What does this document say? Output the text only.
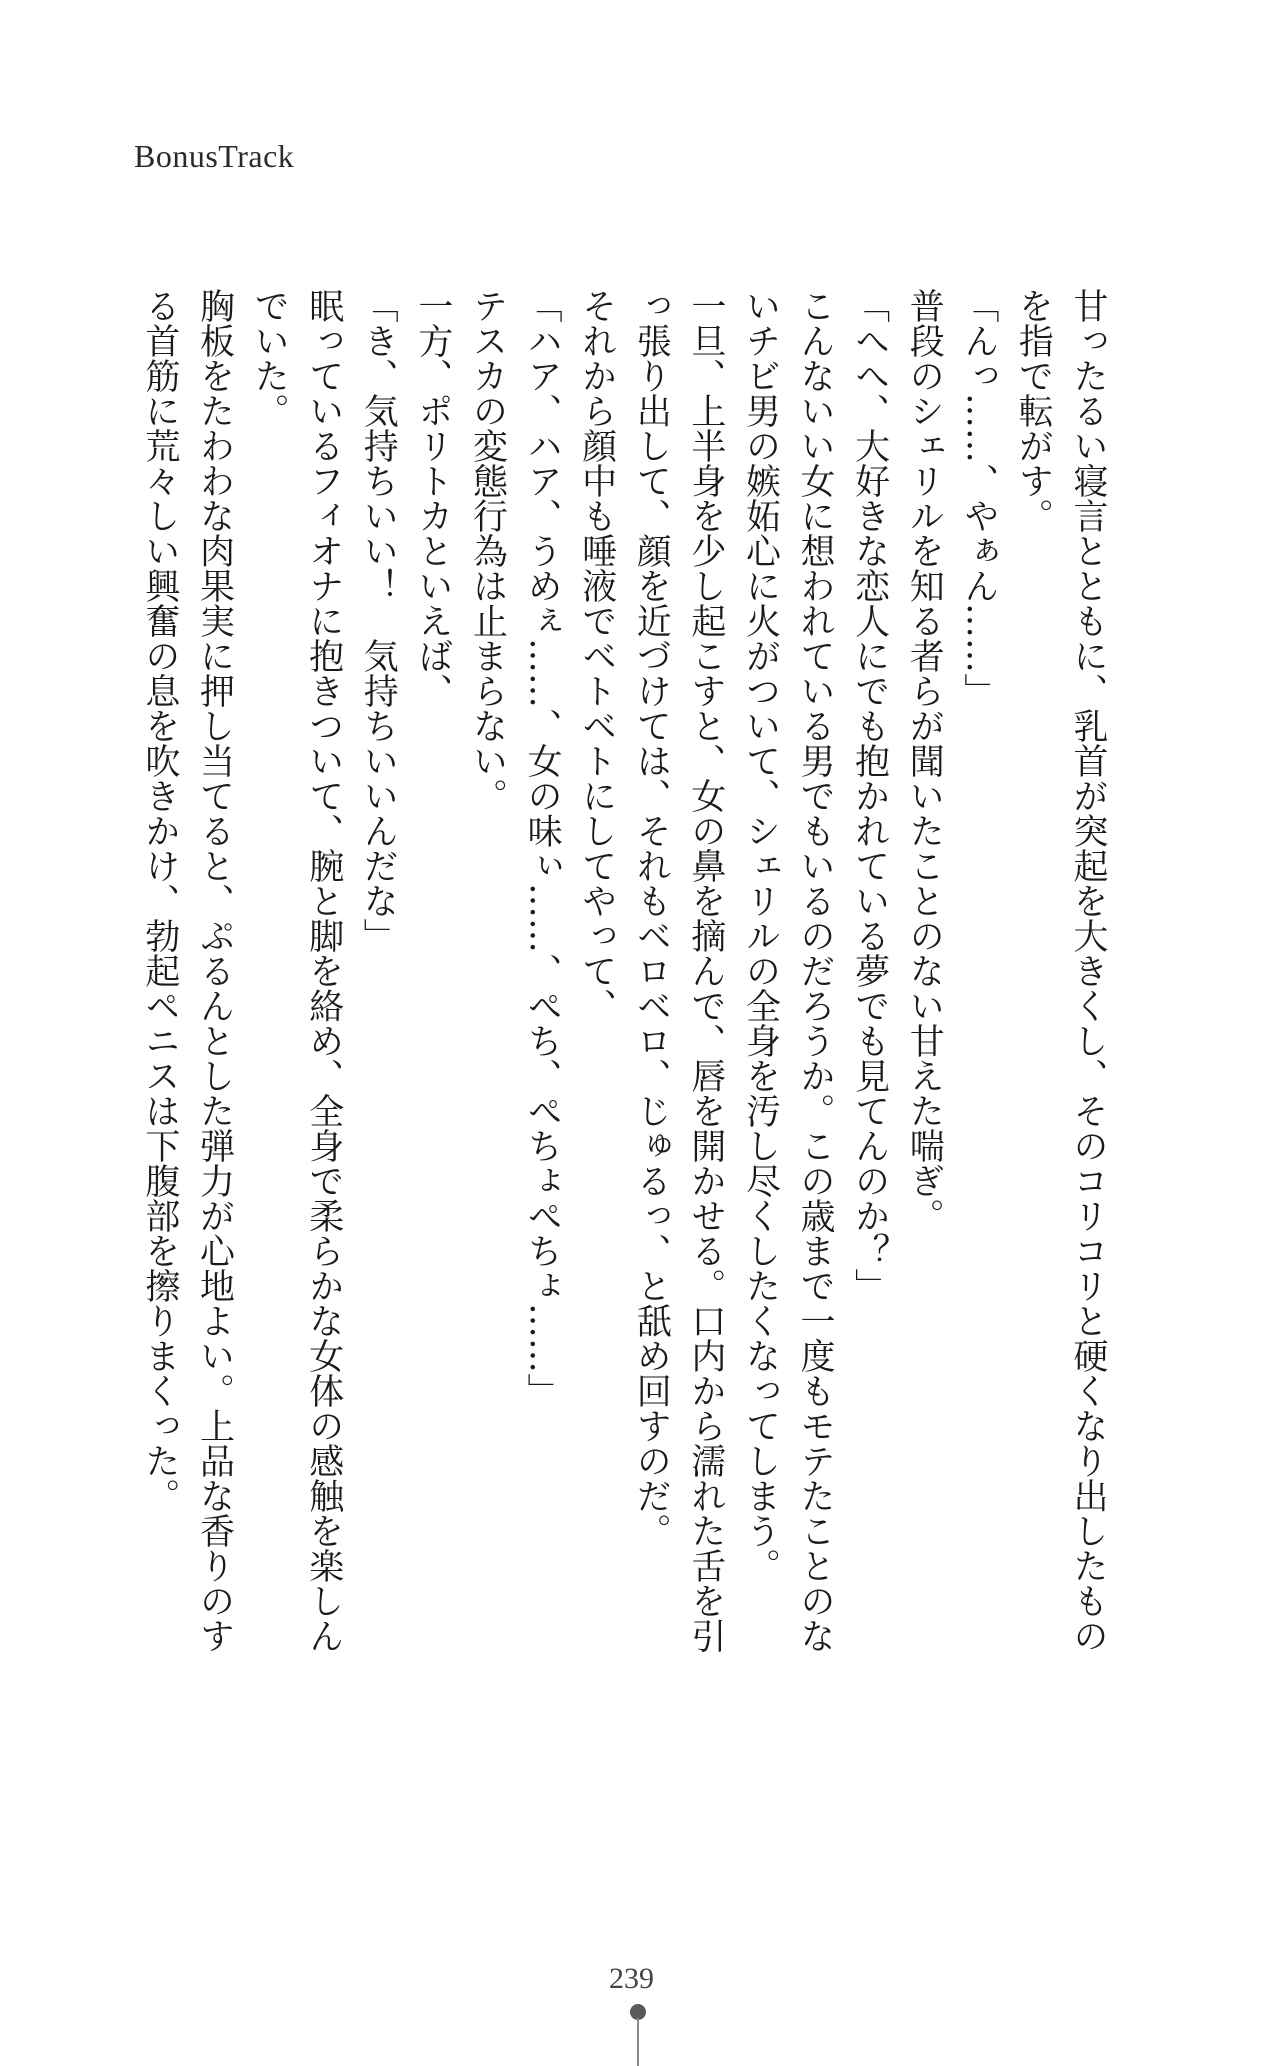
BonusTrack

甘ったるい寝言とともに、乳首が突起を大きくし、そのコリコリと硬くなり出したもの

を指で転がす。

「んっ……、やぁん……」

普段のシェリルを知る者らが聞いたことのない甘えた喘ぎ。

「へへ、大好きな恋人にでも抱かれている夢でも見てんのか？」

こんないい女に想われている男でもいるのだろうか。この歳まで一度もモテたことのな

いチビ男の嫉妬心に火がついて、シェリルの全身を汚し尽くしたくなってしまう。

一旦、上半身を少し起こすと、女の鼻を摘んで、唇を開かせる。口内から濡れた舌を引

っ張り出して、顔を近づけては、それもベロベロ、じゅるっ、と舐め回すのだ。

それから顔中も唾液でベトベトにしてやって、

「ハア、ハア、うめぇ……、女の味ぃ……、ぺち、ぺちょぺちょ……」

テスカの変態行為は止まらない。

一方、ポリトカといえば、

「き、気持ちいい！　気持ちいいんだな」

眠っているフィオナに抱きついて、腕と脚を絡め、全身で柔らかな女体の感触を楽しん

でいた。

胸板をたわわな肉果実に押し当てると、ぷるんとした弾力が心地よい。上品な香りのす

る首筋に荒々しい興奮の息を吹きかけ、勃起ペニスは下腹部を擦りまくった。

239
